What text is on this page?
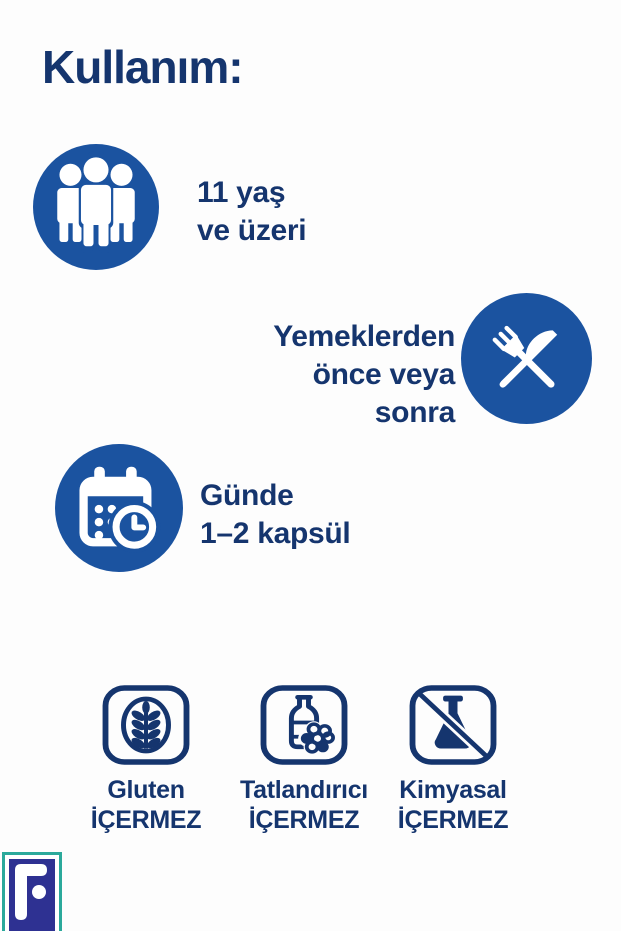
Kullanım:
11 yaş
ve üzeri
Yemeklerden
önce veya
sonra
Günde
1–2 kapsül
Gluten
İÇERMEZ
Tatlandırıcı
İÇERMEZ
Kimyasal
İÇERMEZ
